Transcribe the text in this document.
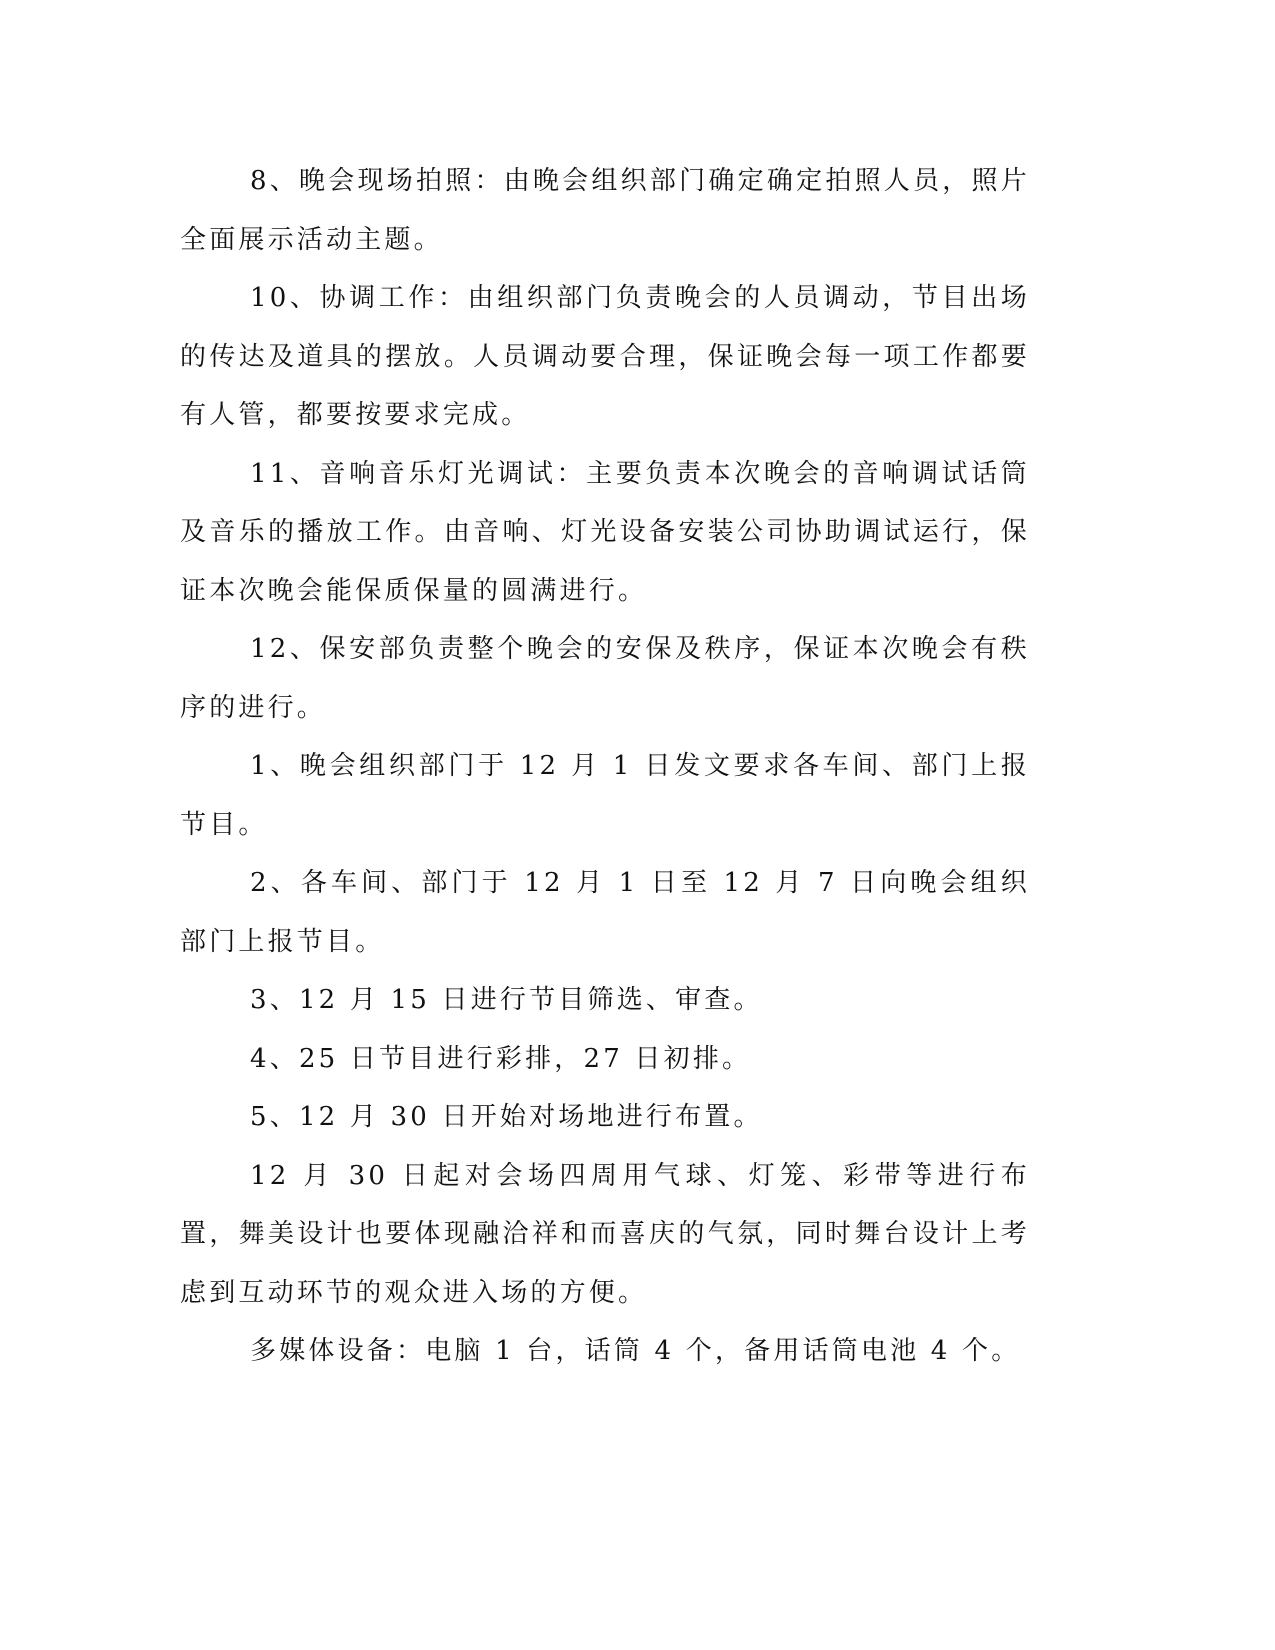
8、晚会现场拍照：由晚会组织部门确定确定拍照人员，照片全面展示活动主题。

10、协调工作：由组织部门负责晚会的人员调动，节目出场的传达及道具的摆放。人员调动要合理，保证晚会每一项工作都要有人管，都要按要求完成。

11、音响音乐灯光调试：主要负责本次晚会的音响调试话筒及音乐的播放工作。由音响、灯光设备安装公司协助调试运行，保证本次晚会能保质保量的圆满进行。

12、保安部负责整个晚会的安保及秩序，保证本次晚会有秩序的进行。

1、晚会组织部门于 12 月 1 日发文要求各车间、部门上报节目。

2、各车间、部门于 12 月 1 日至 12 月 7 日向晚会组织部门上报节目。

3、12 月 15 日进行节目筛选、审查。

4、25 日节目进行彩排，27 日初排。

5、12 月 30 日开始对场地进行布置。

12 月 30 日起对会场四周用气球、灯笼、彩带等进行布置，舞美设计也要体现融洽祥和而喜庆的气氛，同时舞台设计上考虑到互动环节的观众进入场的方便。

多媒体设备：电脑 1 台，话筒 4 个，备用话筒电池 4 个。
